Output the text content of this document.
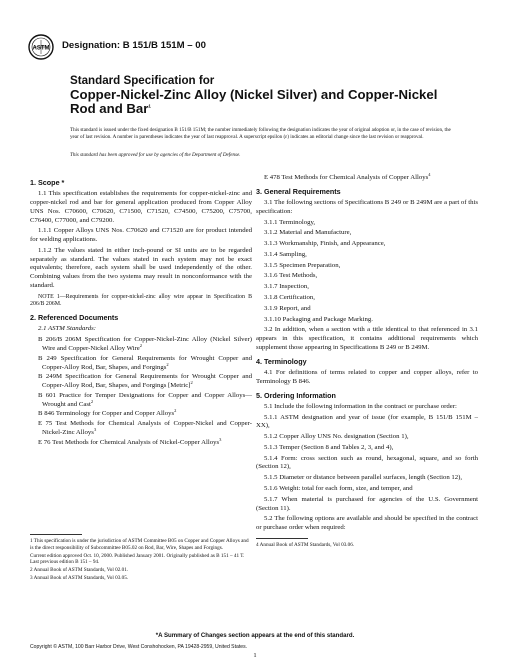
ASTM Designation: B 151/B 151M – 00
Standard Specification for
Copper-Nickel-Zinc Alloy (Nickel Silver) and Copper-Nickel
Rod and Bar$^1$
This standard is issued under the fixed designation B 151/B 151M; the number immediately following the designation indicates the year of original adoption or, in the case of revision, the year of last revision. A number in parentheses indicates the year of last reapproval. A superscript epsilon (ε) indicates an editorial change since the last revision or reapproval.
This standard has been approved for use by agencies of the Department of Defense.
1. Scope *

1.1 This specification establishes the requirements for copper-nickel-zinc and copper-nickel rod and bar for general application produced from Copper Alloy UNS Nos. C70600, C70620, C71500, C71520, C74500, C75200, C75700, C76400, C77000, and C79200.

1.1.1 Copper Alloys UNS Nos. C70620 and C71520 are for product intended for welding applications.

1.1.2 The values stated in either inch-pound or SI units are to be regarded separately as standard. The values stated in each system may not be exact equivalents; therefore, each system shall be used independently of the other. Combining values from the two systems may result in nonconformance with the standard.

NOTE 1—Requirements for copper-nickel-zinc alloy wire appear in Specification B 206/B 206M.

2. Referenced Documents

2.1 ASTM Standards:

B 206/B 206M Specification for Copper-Nickel-Zinc Alloy (Nickel Silver) Wire and Copper-Nickel Alloy Wire$^2$

B 249 Specification for General Requirements for Wrought Copper and Copper-Alloy Rod, Bar, Shapes, and Forgings$^2$

B 249M Specification for General Requirements for Wrought Copper and Copper-Alloy Rod, Bar, Shapes, and Forgings [Metric]$^2$

B 601 Practice for Temper Designations for Copper and Copper Alloys—Wrought and Cast$^2$

B 846 Terminology for Copper and Copper Alloys$^2$

E 75 Test Methods for Chemical Analysis of Copper-Nickel and Copper-Nickel-Zinc Alloys$^3$

E 76 Test Methods for Chemical Analysis of Nickel-Copper Alloys$^3$

1 This specification is under the jurisdiction of ASTM Committee B05 on Copper and Copper Alloys and is the direct responsibility of Subcommittee B05.02 on Rod, Bar, Wire, Shapes and Forgings.

Current edition approved Oct. 10, 2000. Published January 2001. Originally published as B 151 – 41 T. Last previous edition B 151 – 94.

2 Annual Book of ASTM Standards, Vol 02.01.

3 Annual Book of ASTM Standards, Vol 03.05.

E 478 Test Methods for Chemical Analysis of Copper Alloys$^4$

3. General Requirements

3.1 The following sections of Specifications B 249 or B 249M are a part of this specification:

3.1.1 Terminology,

3.1.2 Material and Manufacture,

3.1.3 Workmanship, Finish, and Appearance,

3.1.4 Sampling,

3.1.5 Specimen Preparation,

3.1.6 Test Methods,

3.1.7 Inspection,

3.1.8 Certification,

3.1.9 Report, and

3.1.10 Packaging and Package Marking.

3.2 In addition, when a section with a title identical to that referenced in 3.1 appears in this specification, it contains additional requirements which supplement those appearing in Specifications B 249 or B 249M.

4. Terminology

4.1 For definitions of terms related to copper and copper alloys, refer to Terminology B 846.

5. Ordering Information

5.1 Include the following information in the contract or purchase order:

5.1.1 ASTM designation and year of issue (for example, B 151/B 151M – XX),

5.1.2 Copper Alloy UNS No. designation (Section 1),

5.1.3 Temper (Section 8 and Tables 2, 3, and 4),

5.1.4 Form: cross section such as round, hexagonal, square, and so forth (Section 12),

5.1.5 Diameter or distance between parallel surfaces, length (Section 12),

5.1.6 Weight: total for each form, size, and temper, and

5.1.7 When material is purchased for agencies of the U.S. Government (Section 11).

5.2 The following options are available and should be specified in the contract or purchase order when required:

4 Annual Book of ASTM Standards, Vol 03.06.

*A Summary of Changes section appears at the end of this standard.
Copyright © ASTM, 100 Barr Harbor Drive, West Conshohocken, PA 19428-2959, United States.
1
